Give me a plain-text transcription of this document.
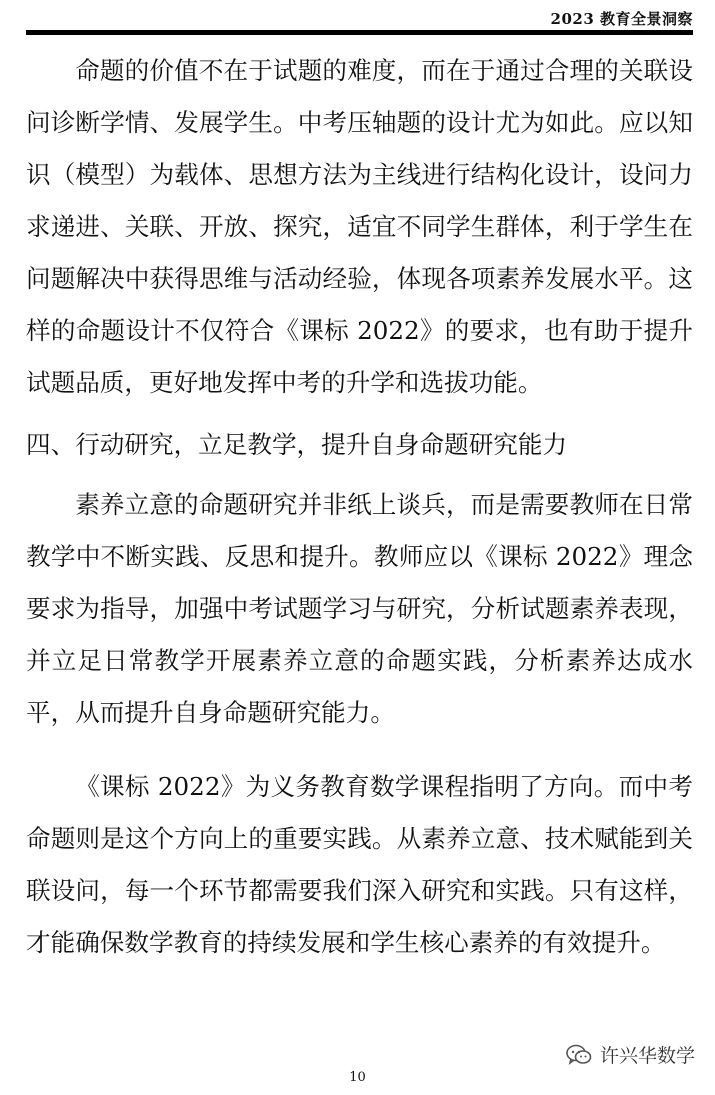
2023 教育全景洞察

命题的价值不在于试题的难度，而在于通过合理的关联设问诊断学情、发展学生。中考压轴题的设计尤为如此。应以知识（模型）为载体、思想方法为主线进行结构化设计，设问力求递进、关联、开放、探究，适宜不同学生群体，利于学生在问题解决中获得思维与活动经验，体现各项素养发展水平。这样的命题设计不仅符合《课标 2022》的要求，也有助于提升试题品质，更好地发挥中考的升学和选拔功能。

四、行动研究，立足教学，提升自身命题研究能力

素养立意的命题研究并非纸上谈兵，而是需要教师在日常教学中不断实践、反思和提升。教师应以《课标 2022》理念要求为指导，加强中考试题学习与研究，分析试题素养表现，并立足日常教学开展素养立意的命题实践，分析素养达成水平，从而提升自身命题研究能力。

《课标 2022》为义务教育数学课程指明了方向。而中考命题则是这个方向上的重要实践。从素养立意、技术赋能到关联设问，每一个环节都需要我们深入研究和实践。只有这样，才能确保数学教育的持续发展和学生核心素养的有效提升。

许兴华数学
10
